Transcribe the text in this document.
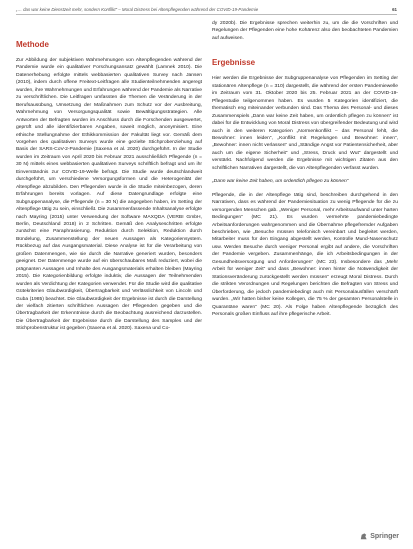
„… das war keine Dienstzeit mehr, sondern Konflikt“ – Moral Distress bei Altenpflegenden während der COVID-19-Pandemie	61
Methode

Zur Abbildung der subjektiven Wahrnehmungen von Altenpflegenden während der Pandemie wurde ein qualitativer Forschungsansatz gewählt (Lamnek 2010). Die Datenerhebung erfolgte mittels webbasierten qualitativen Survey nach Jansen (2010), indem durch offene Freitext-Leitfragen alle Studienteilnehmenden angeregt wurden, ihre Wahrnehmungen und Erfahrungen während der Pandemie als Narrative zu verschriftlichen. Die Leitfragen umfassten die Themen die Veränderung in der Berufsausübung, Umsetzung der Maßnahmen zum Schutz vor der Ausbreitung, Wahrnehmung von Versorgungsqualität sowie Bewältigungsstrategien. Alle Antworten der Befragten wurden im Anschluss durch die Forschenden ausgewertet, geprüft und alle identifizierbaren Angaben, soweit möglich, anonymisiert. Eine ethische Stellungnahme der Ethikkommission der Fakultät liegt vor. Gemäß dem Vorgehen des qualitativen Surveys wurde eine gezielte Stichprobenziehung auf Basis der SARS-CoV-2-Pandemie (Saxena et al. 2020) durchgeführt. In der Studie wurden im Zeitraum von April 2020 bis Februar 2021 ausschließlich Pflegende (n = 30 N) mittels eines webbasierten qualitativen Surveys schriftlich befragt und um ihr Einverständnis zur COVID-19-Welle befragt. Die Studie wurde deutschlandweit durchgeführt, um verschiedene Versorgungsformen und die Heterogenität der Altenpflege abzubilden. Den Pflegenden wurde in die Studie miteinbezogen, deren Erfahrungen bereits vorlagen. Auf diese Datengrundlage erfolgte eine Subgruppenanalyse, die Pflegende (n = 30 N) die angegeben haben, im Setting der Altenpflege tätig zu sein, einschließt. Die zusammenfassende Inhaltsanalyse erfolgte nach Mayring (2015) unter Verwendung der Software MAXQDA (VERBI GmbH, Berlin, Deutschland 2018) in 2 Schritten. Gemäß den Analyseschritten erfolgte zunächst eine Paraphrasierung. Reduktion durch Selektion, Reduktion durch Bündelung, Zusammenstellung der neuen Aussagen als Kategoriensystem. Rückbezug auf das Ausgangsmaterial. Diese Analyse ist für die Verarbeitung von großen Datenmengen, wie sie durch die Narrative generiert wurden, besonders geeignet. Der Datenmenge wurde auf ein überschaubares Maß reduziert, wobei die prägnanten Aussagen und Inhalte des Ausgangsmaterials erhalten bleiben (Mayring 2015). Die Kategorienbildung erfolgte induktiv, die Aussagen der Teilnehmenden wurden als Verdichtung der Kategorien verwendet. Für die Studie wird die qualitative Gütekriterien Glaubwürdigkeit, Übertragbarkeit und Verlässlichkeit von Lincoln und Guba (1985) beachtet. Die Glaubwürdigkeit der Ergebnisse ist durch die Darstellung der vielfach zitierten schriftlichen Aussagen der Pflegenden gegeben und die Übertragbarkeit der Erkenntnisse durch die Beobachtung ausreichend darzustellen. Die Übertragbarkeit der Ergebnisse durch die Darstellung des Samples und der Stichprobenstruktur ist gegeben (Saxena et al. 2020). Saxena und Co-

dy 2020b). Die Ergebnisse sprechen weiterhin zu, um die die Vorschriften und Regelungen der Pflegenden eine hohe Kohärenz also den beobachteten Pandemien auf aufweisen.

Ergebnisse

Hier werden die Ergebnisse der Subgruppenanalyse von Pflegenden im Setting der stationären Altenpflege (n = 310) dargestellt, die während der ersten Pandemiewelle im Zeitraum vom 31. Oktober 2020 bis 25. Februar 2021 an der COVID-19-Pflegestudie teilgenommen haben. Es wurden 5 Kategorien identifiziert, die thematisch eng miteinander verbunden sind. Das Thema des Personal- und dieses Zusammenspiels „Dann war keine Zeit haben, um ordentlich pflegen zu können“ ist dabei für die Entwicklung von Moral Distress von übergreifender Bedeutung und wird auch in den weiteren Kategorien „Normenkonflikt – das Personal fehlt, die Bewohner: innen leiden“, „Konflikt mit Regelungen und Bewohner: innen“, „Bewohner: innen nicht verlassen“ und „Ständige Angst vor Patientensicherheit, aber auch um die eigene Sicherheit“ und „Stress, Druck und Wut“ dargestellt und verstärkt. Nachfolgend werden die Ergebnisse mit wichtigen Zitaten aus den schriftlichen Narrativen dargestellt, die von Altenpflegenden verfasst wurden.

„Dann war keine Zeit haben, um ordentlich pflegen zu können“

Pflegende, die in der Altenpflege tätig sind, beschreiben durchgehend in den Narrativen, dass es während der Pandemiesituation zu wenig Pflegende für die zu versorgenden Menschen gab. „Weniger Personal, mehr Arbeitsaufwand unter harten Bedingungen“ (MC 21). Es wurden vermehrte pandemiebedingte Arbeitsanforderungen wahrgenommen und die Übernahme pflegefremder Aufgaben beschrieben, wie „Besuche müssen telefonisch vereinbart und begleitet werden, Mitarbeiter muss für den Eingang abgestellt werden, Kontrolle Mund-Nasenschutz usw. Werden Besuche durch weniger Personal ergibt auf andere, die Vorschriften der Pandemie vergeben. Zusammenhänge, die ich Arbeitsbedingungen in der Gesundheitsversorgung und Anforderungen“ (MC 23). Insbesondere das „Mehr Arbeit für weniger Zeit“ und dass „Bewohner: innen hinter die Notwendigkeit der Stationsveränderung zurückgestellt werden müssen“ erzeugt Moral Distress. Durch die strikten Verordnungen und Regelungen berichten die Befragten von Stress und Überforderung, die jedoch pandemiebedingt auch mit Personalausfällen verschärft wurden. „Wir hatten bisher keine Kollegen, die 75 % der gesamten Personalstelle in Quarantäne waren“ (MC 20). Als Folge haben Altenpflegende bezüglich des Personals großen Einfluss auf ihre pflegerische Arbeit.

Springer
